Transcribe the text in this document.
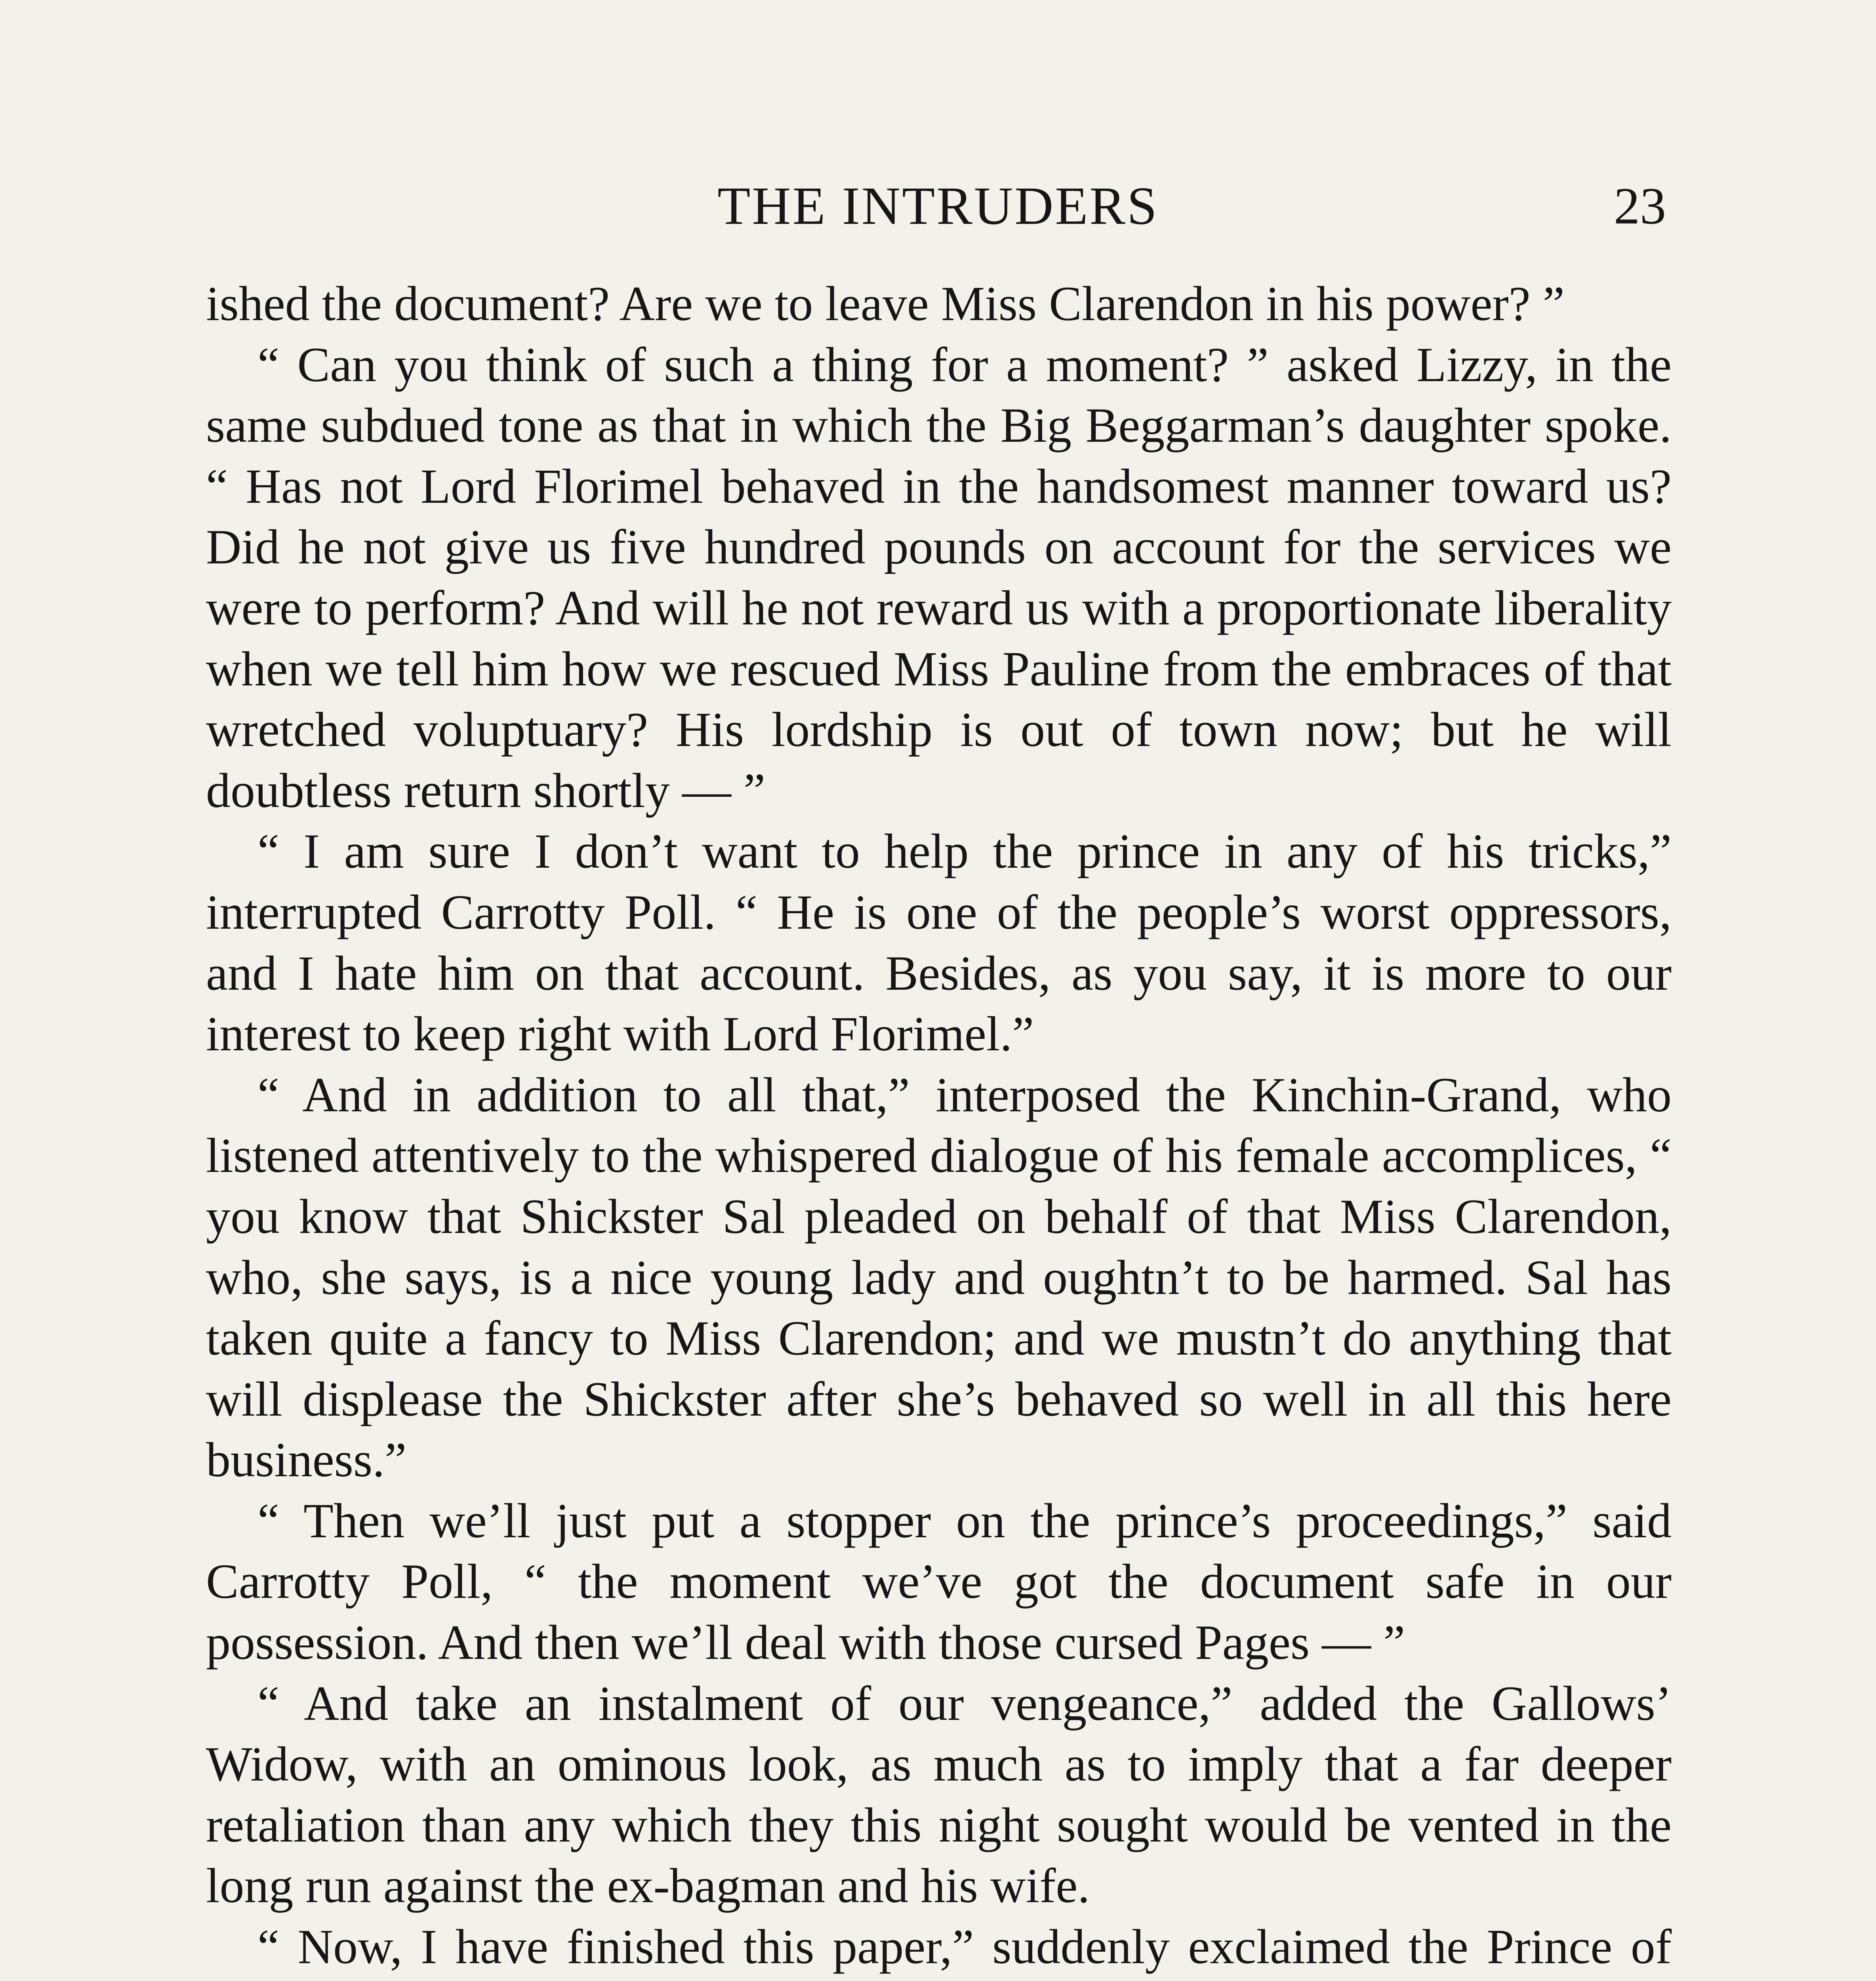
THE INTRUDERS	23

ished the document? Are we to leave Miss Clarendon in his power? ”

“ Can you think of such a thing for a moment? ” asked Lizzy, in the same subdued tone as that in which the Big Beggarman’s daughter spoke. “ Has not Lord Florimel behaved in the handsomest manner toward us? Did he not give us five hundred pounds on account for the services we were to perform? And will he not reward us with a proportionate liberality when we tell him how we rescued Miss Pauline from the embraces of that wretched voluptuary? His lordship is out of town now; but he will doubtless return shortly — ”

“ I am sure I don’t want to help the prince in any of his tricks,” interrupted Carrotty Poll. “ He is one of the people’s worst oppressors, and I hate him on that account. Besides, as you say, it is more to our interest to keep right with Lord Florimel.”

“ And in addition to all that,” interposed the Kinchin-Grand, who listened attentively to the whispered dialogue of his female accomplices, “ you know that Shickster Sal pleaded on behalf of that Miss Clarendon, who, she says, is a nice young lady and oughtn’t to be harmed. Sal has taken quite a fancy to Miss Clarendon; and we mustn’t do anything that will displease the Shickster after she’s behaved so well in all this here business.”

“ Then we’ll just put a stopper on the prince’s proceedings,” said Carrotty Poll, “ the moment we’ve got the document safe in our possession. And then we’ll deal with those cursed Pages — ”

“ And take an instalment of our vengeance,” added the Gallows’ Widow, with an ominous look, as much as to imply that a far deeper retaliation than any which they this night sought would be vented in the long run against the ex-bagman and his wife.

“ Now, I have finished this paper,” suddenly exclaimed the Prince of
